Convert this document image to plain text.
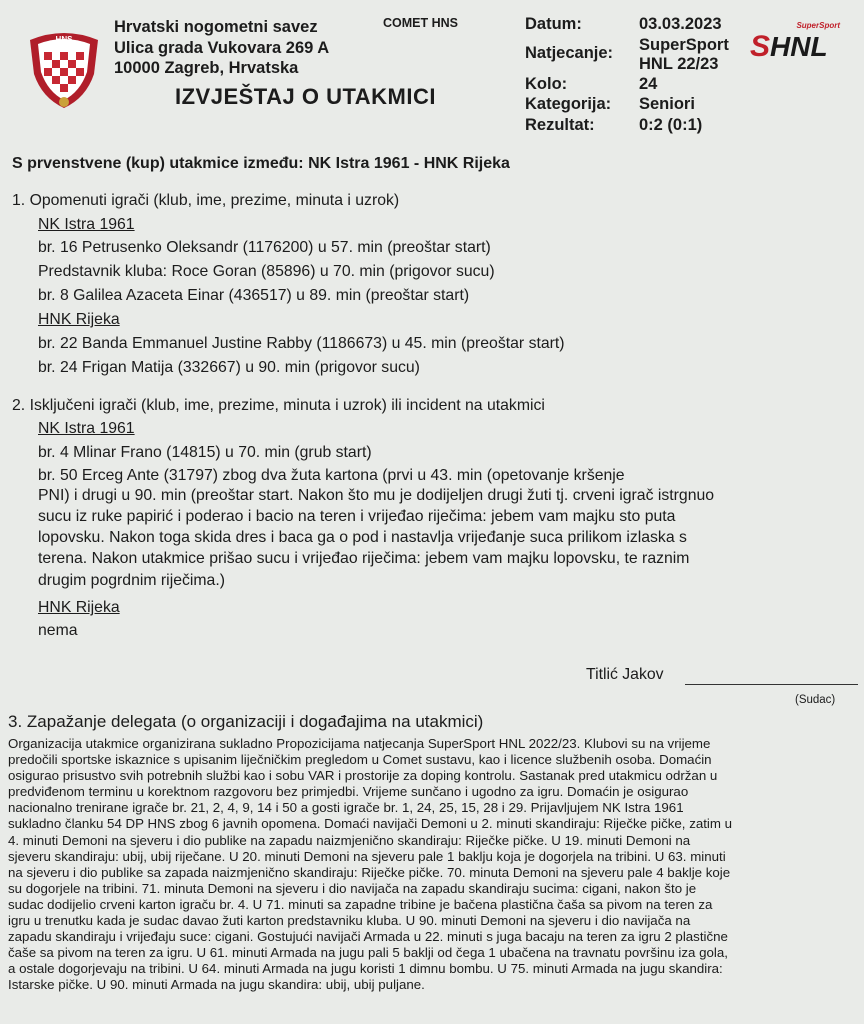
HNS
Hrvatski nogometni savez
Ulica grada Vukovara 269 A
10000 Zagreb, Hrvatska
COMET HNS
IZVJEŠTAJ O UTAKMICI
Datum:	03.03.2023
Natjecanje: SuperSport
HNL 22/23
Kolo:	24
Kategorija: Seniori
Rezultat:	0:2 (0:1)
SuperSport
S HNL
S prvenstvene (kup) utakmice između: NK Istra 1961 - HNK Rijeka
1. Opomenuti igrači (klub, ime, prezime, minuta i uzrok)
NK Istra 1961
br. 16 Petrusenko Oleksandr (1176200) u 57. min (preoštar start)
Predstavnik kluba: Roce Goran (85896) u 70. min (prigovor sucu)
br. 8 Galilea Azaceta Einar (436517) u 89. min (preoštar start)
HNK Rijeka
br. 22 Banda Emmanuel Justine Rabby (1186673) u 45. min (preoštar start)
br. 24 Frigan Matija (332667) u 90. min (prigovor sucu)
2. Isključeni igrači (klub, ime, prezime, minuta i uzrok) ili incident na utakmici
NK Istra 1961
br. 4 Mlinar Frano (14815) u 70. min (grub start)
br. 50 Erceg Ante (31797) zbog dva žuta kartona (prvi u 43. min (opetovanje kršenje
PNI) i drugi u 90. min (preoštar start. Nakon što mu je dodijeljen drugi žuti tj. crveni igrač istrgnuo
sucu iz ruke papirić i poderao i bacio na teren i vrijeđao riječima: jebem vam majku sto puta
lopovsku. Nakon toga skida dres i baca ga o pod i nastavlja vrijeđanje suca prilikom izlaska s
terena. Nakon utakmice prišao sucu i vrijeđao riječima: jebem vam majku lopovsku, te raznim
drugim pogrdnim riječima.)
HNK Rijeka
nema
Titlić Jakov
(Sudac)
3. Zapažanje delegata (o organizaciji i događajima na utakmici)
Organizacija utakmice organizirana sukladno Propozicijama natjecanja SuperSport HNL 2022/23. Klubovi su na vrijeme
predočili sportske iskaznice s upisanim liječničkim pregledom u Comet sustavu, kao i licence službenih osoba. Domaćin
osigurao prisustvo svih potrebnih službi kao i sobu VAR i prostorije za doping kontrolu. Sastanak pred utakmicu održan u
predviđenom terminu u korektnom razgovoru bez primjedbi. Vrijeme sunčano i ugodno za igru. Domaćin je osigurao
nacionalno trenirane igrače br. 21, 2, 4, 9, 14 i 50 a gosti igrače br. 1, 24, 25, 15, 28 i 29. Prijavljujem NK Istra 1961
sukladno članku 54 DP HNS zbog 6 javnih opomena. Domaći navijači Demoni u 2. minuti skandiraju: Riječke pičke, zatim u
4. minuti Demoni na sjeveru i dio publike na zapadu naizmjenično skandiraju: Riječke pičke. U 19. minuti Demoni na
sjeveru skandiraju: ubij, ubij riječane. U 20. minuti Demoni na sjeveru pale 1 baklju koja je dogorjela na tribini. U 63. minuti
na sjeveru i dio publike sa zapada naizmjenično skandiraju: Riječke pičke. 70. minuta Demoni na sjeveru pale 4 baklje koje
su dogorjele na tribini. 71. minuta Demoni na sjeveru i dio navijača na zapadu skandiraju sucima: cigani, nakon što je
sudac dodijelio crveni karton igraču br. 4. U 71. minuti sa zapadne tribine je bačena plastična čaša sa pivom na teren za
igru u trenutku kada je sudac davao žuti karton predstavniku kluba. U 90. minuti Demoni na sjeveru i dio navijača na
zapadu skandiraju i vrijeđaju suce: cigani. Gostujući navijači Armada u 22. minuti s juga bacaju na teren za igru 2 plastične
čaše sa pivom na teren za igru. U 61. minuti Armada na jugu pali 5 baklji od čega 1 ubačena na travnatu površinu iza gola,
a ostale dogorjevaju na tribini. U 64. minuti Armada na jugu koristi 1 dimnu bombu. U 75. minuti Armada na jugu skandira:
Istarske pičke. U 90. minuti Armada na jugu skandira: ubij, ubij puljane.
